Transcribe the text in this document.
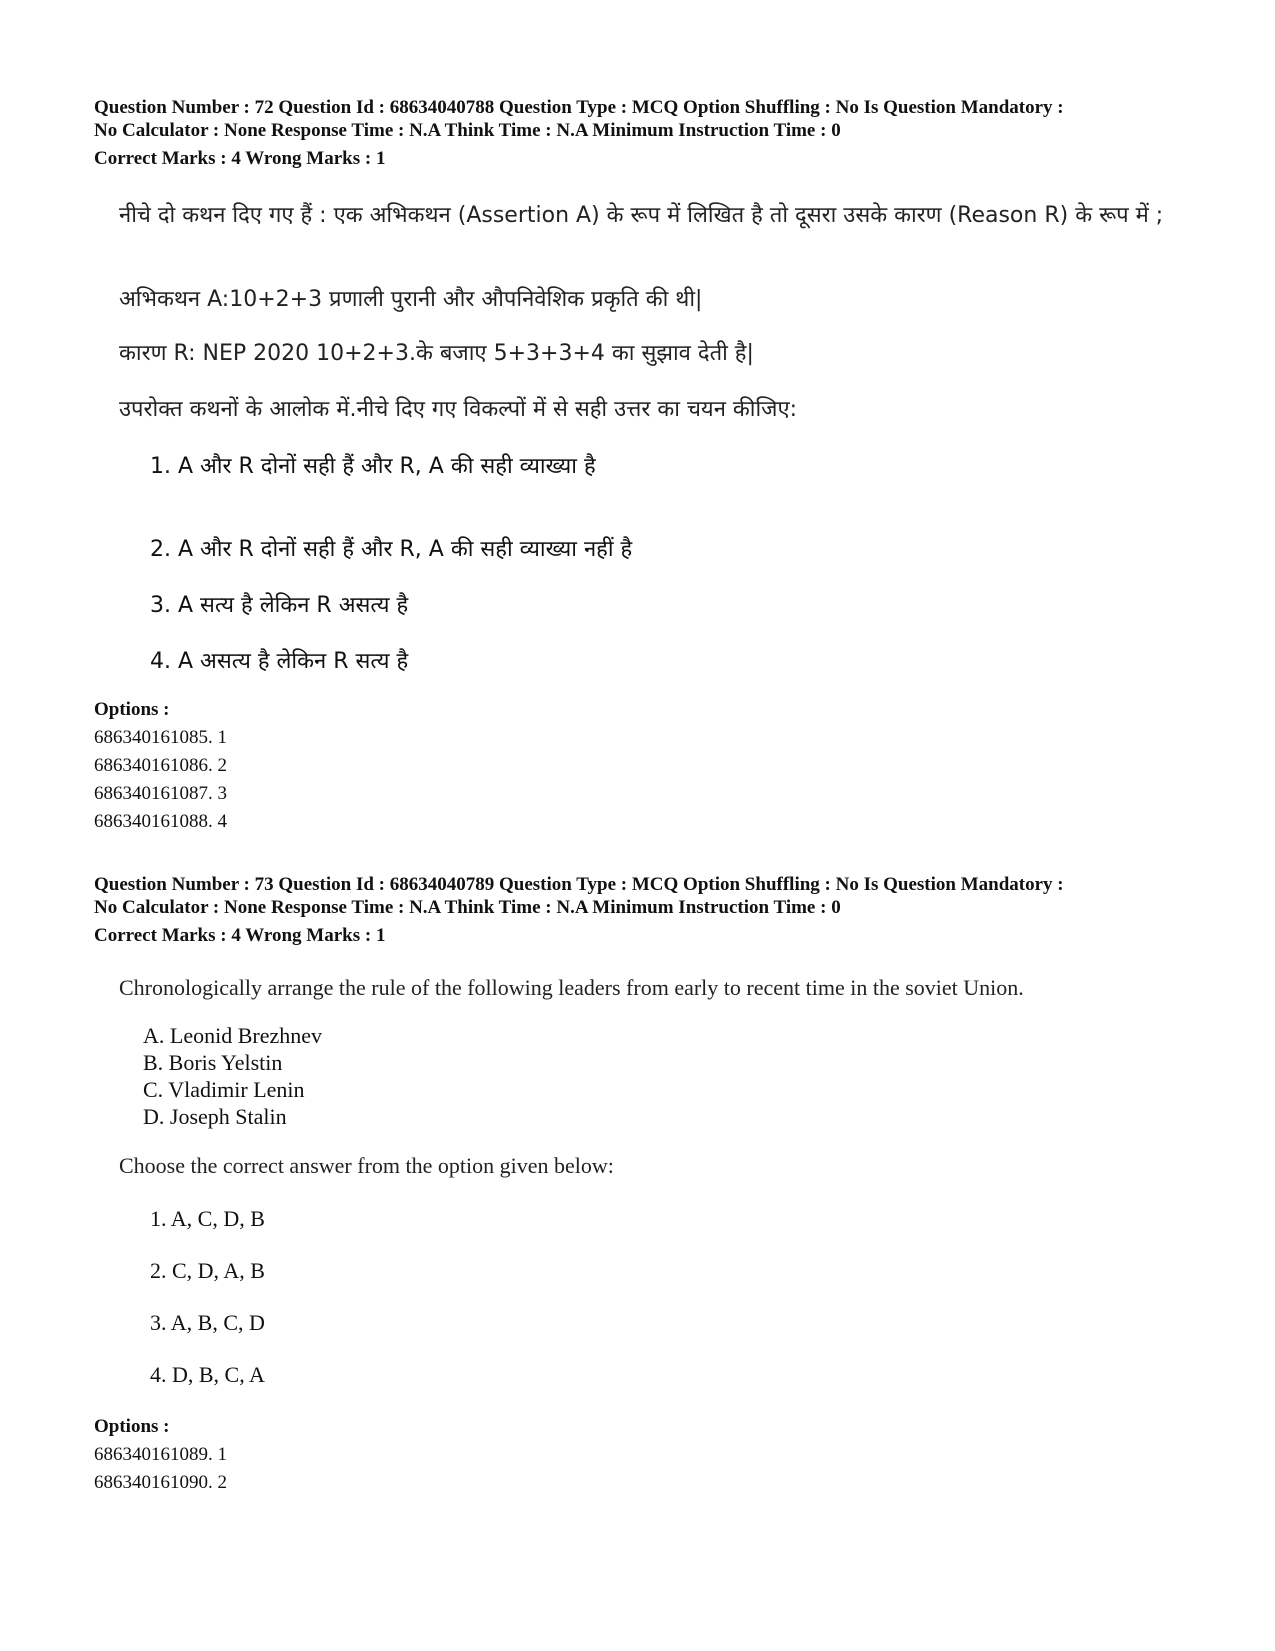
Question Number : 72 Question Id : 68634040788 Question Type : MCQ Option Shuffling : No Is Question Mandatory :
No Calculator : None Response Time : N.A Think Time : N.A Minimum Instruction Time : 0
Correct Marks : 4 Wrong Marks : 1
नीचे दो कथन दिए गए हैं : एक अभिकथन (Assertion A) के रूप में लिखित है तो दूसरा उसके कारण (Reason R) के रूप में ;
अभिकथन A:10+2+3 प्रणाली पुरानी और औपनिवेशिक प्रकृति की थी|
कारण R: NEP 2020 10+2+3.के बजाए 5+3+3+4 का सुझाव देती है|
उपरोक्त कथनों के आलोक में.नीचे दिए गए विकल्पों में से सही उत्तर का चयन कीजिए:
1. A और R दोनों सही हैं और R, A की सही व्याख्या है
2. A और R दोनों सही हैं और R, A की सही व्याख्या नहीं है
3. A सत्य है लेकिन R असत्य है
4. A असत्य है लेकिन R सत्य है
Options :
686340161085. 1
686340161086. 2
686340161087. 3
686340161088. 4
Question Number : 73 Question Id : 68634040789 Question Type : MCQ Option Shuffling : No Is Question Mandatory :
No Calculator : None Response Time : N.A Think Time : N.A Minimum Instruction Time : 0
Correct Marks : 4 Wrong Marks : 1
Chronologically arrange the rule of the following leaders from early to recent time in the soviet Union.
A. Leonid Brezhnev
B. Boris Yelstin
C. Vladimir Lenin
D. Joseph Stalin
Choose the correct answer from the option given below:
1. A, C, D, B
2. C, D, A, B
3. A, B, C, D
4. D, B, C, A
Options :
686340161089. 1
686340161090. 2
